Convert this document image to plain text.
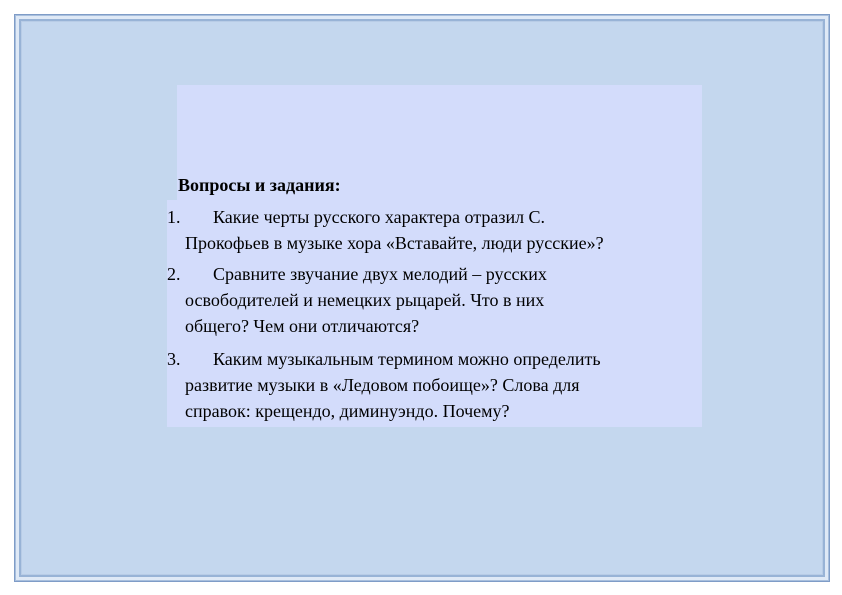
Вопросы и задания:
1.	Какие черты русского характера отразил С.
Прокофьев в музыке хора «Вставайте, люди русские»?
2.	Сравните звучание двух мелодий – русских
освободителей и немецких рыцарей. Что в них
общего? Чем они отличаются?
3.	Каким музыкальным термином можно определить
развитие музыки в «Ледовом побоище»? Слова для
справок: крещендо, диминуэндо. Почему?
